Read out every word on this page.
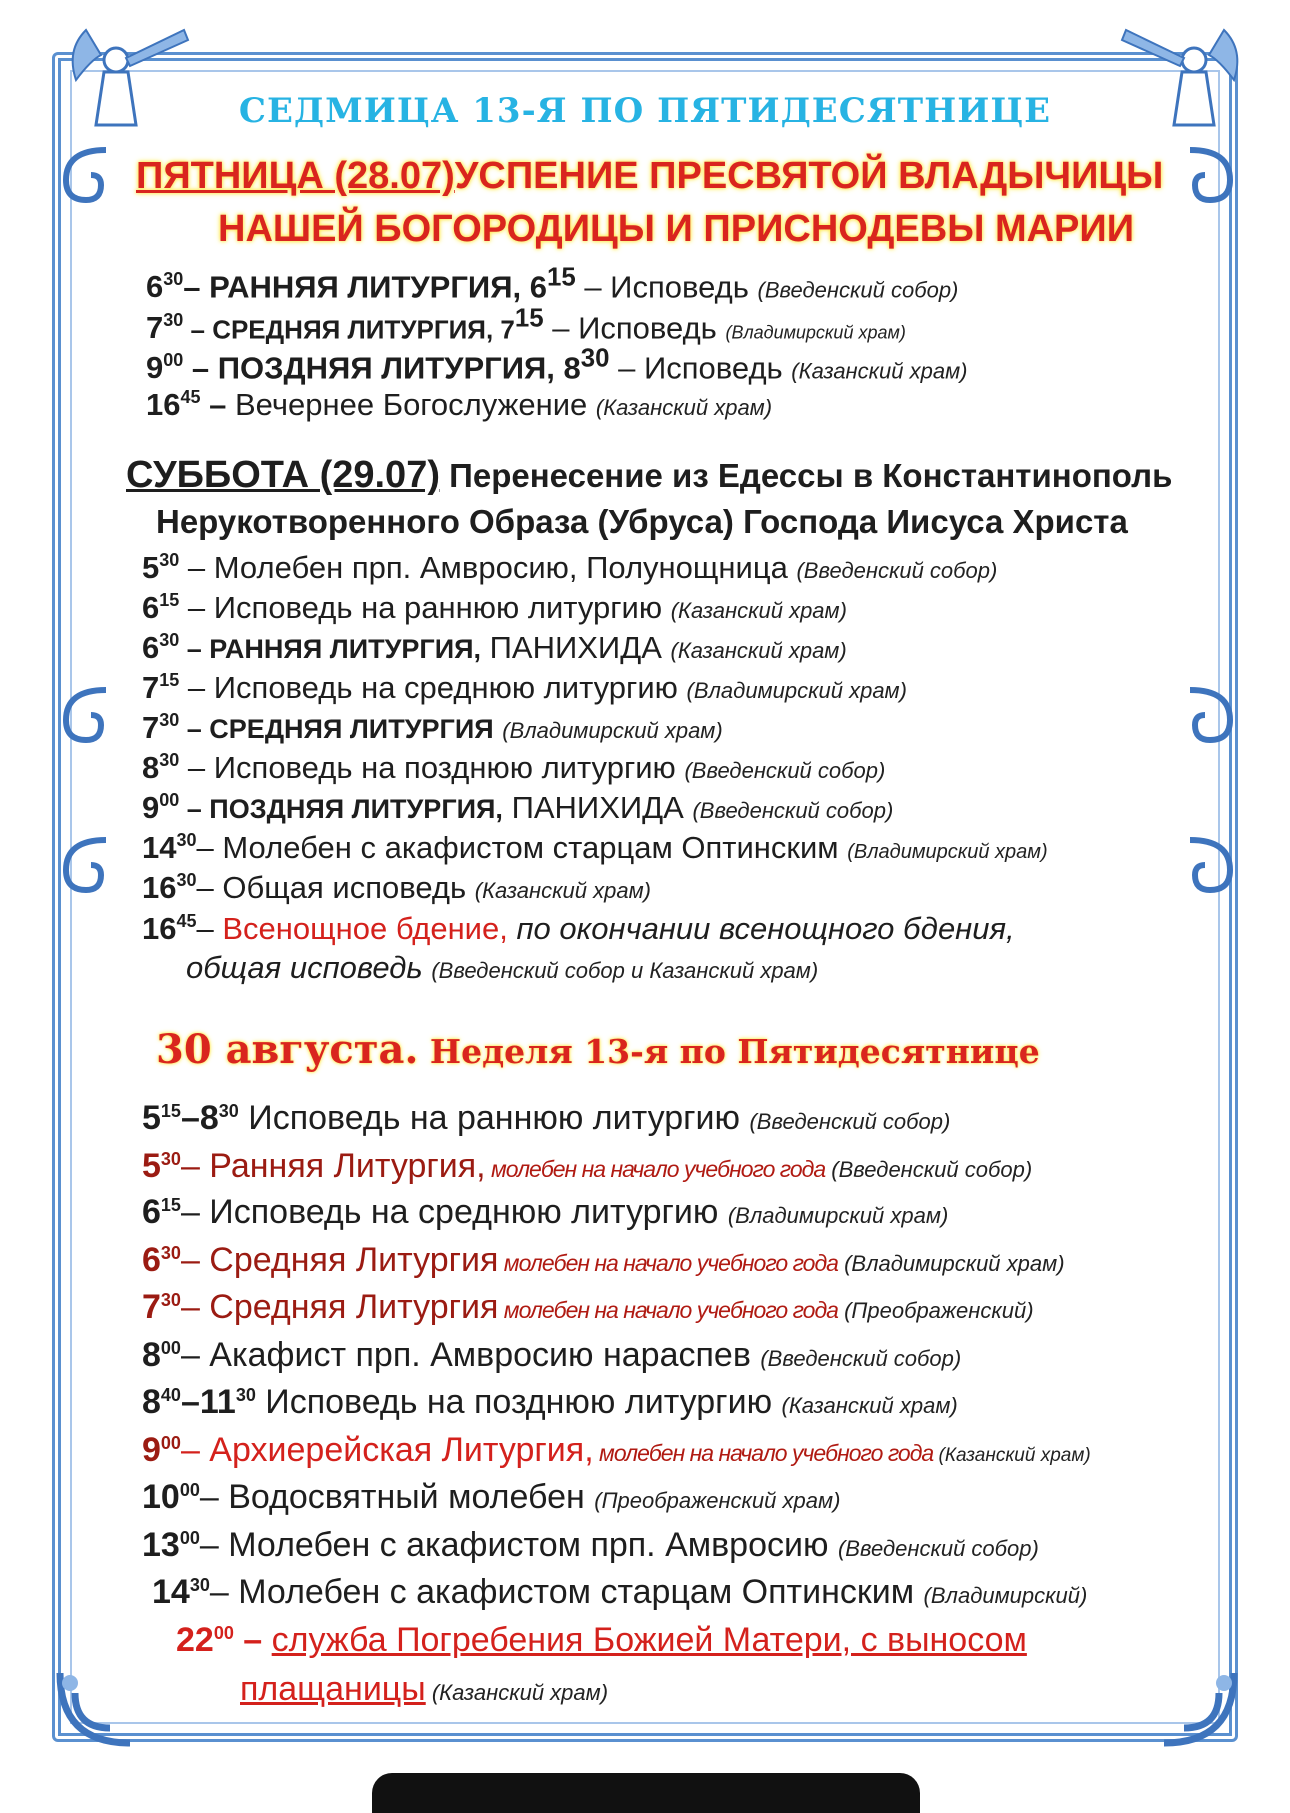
СЕДМИЦА 13-Я ПО ПЯТИДЕСЯТНИЦЕ
ПЯТНИЦА (28.07)УСПЕНИЕ ПРЕСВЯТОЙ ВЛАДЫЧИЦЫ
НАШЕЙ БОГОРОДИЦЫ И ПРИСНОДЕВЫ МАРИИ
$6^{30}-$ РАННЯЯ ЛИТУРГИЯ, $6^{15}$ – Исповедь (Введенский собор)
$7^{30}$ – СРЕДНЯЯ ЛИТУРГИЯ, $7^{15}$ – Исповедь (Владимирский храм)
$9^{00}$ – ПОЗДНЯЯ ЛИТУРГИЯ, $8^{30}$ – Исповедь (Казанский храм)
$16^{45}$ – Вечернее Богослужение (Казанский храм)
СУББОТА (29.07) Перенесение из Едессы в Константинополь
Нерукотворенного Образа (Убруса) Господа Иисуса Христа
$5^{30}$ – Молебен прп. Амвросию, Полунощница (Введенский собор)
$6^{15}$ – Исповедь на раннюю литургию (Казанский храм)
$6^{30}$ – РАННЯЯ ЛИТУРГИЯ, ПАНИХИДА (Казанский храм)
$7^{15}$ – Исповедь на среднюю литургию (Владимирский храм)
$7^{30}$ – СРЕДНЯЯ ЛИТУРГИЯ (Владимирский храм)
$8^{30}$ – Исповедь на позднюю литургию (Введенский собор)
$9^{00}$ – ПОЗДНЯЯ ЛИТУРГИЯ, ПАНИХИДА (Введенский собор)
$14^{30}-$ Молебен с акафистом старцам Оптинским (Владимирский храм)
$16^{30}-$ Общая исповедь (Казанский храм)
$16^{45}-$ Всенощное бдение, по окончании всенощного бдения,
общая исповедь (Введенский собор и Казанский храм)
30 августа. Неделя 13-я по Пятидесятнице
$5^{15}-8^{30}$ Исповедь на раннюю литургию (Введенский собор)
$5^{30}-$ Ранняя Литургия, молебен на начало учебного года (Введенский собор)
$6^{15}-$ Исповедь на среднюю литургию (Владимирский храм)
$6^{30}-$ Средняя Литургия молебен на начало учебного года (Владимирский храм)
$7^{30}-$ Средняя Литургия молебен на начало учебного года (Преображенский)
$8^{00}-$ Акафист прп. Амвросию нараспев (Введенский собор)
$8^{40}-11^{30}$ Исповедь на позднюю литургию (Казанский храм)
$9^{00}-$ Архиерейская Литургия, молебен на начало учебного года (Казанский храм)
$10^{00}-$ Водосвятный молебен (Преображенский храм)
$13^{00}-$ Молебен с акафистом прп. Амвросию (Введенский собор)
$14^{30}-$ Молебен с акафистом старцам Оптинским (Владимирский)
$22^{00}$ – служба Погребения Божией Матери, с выносом
плащаницы (Казанский храм)
